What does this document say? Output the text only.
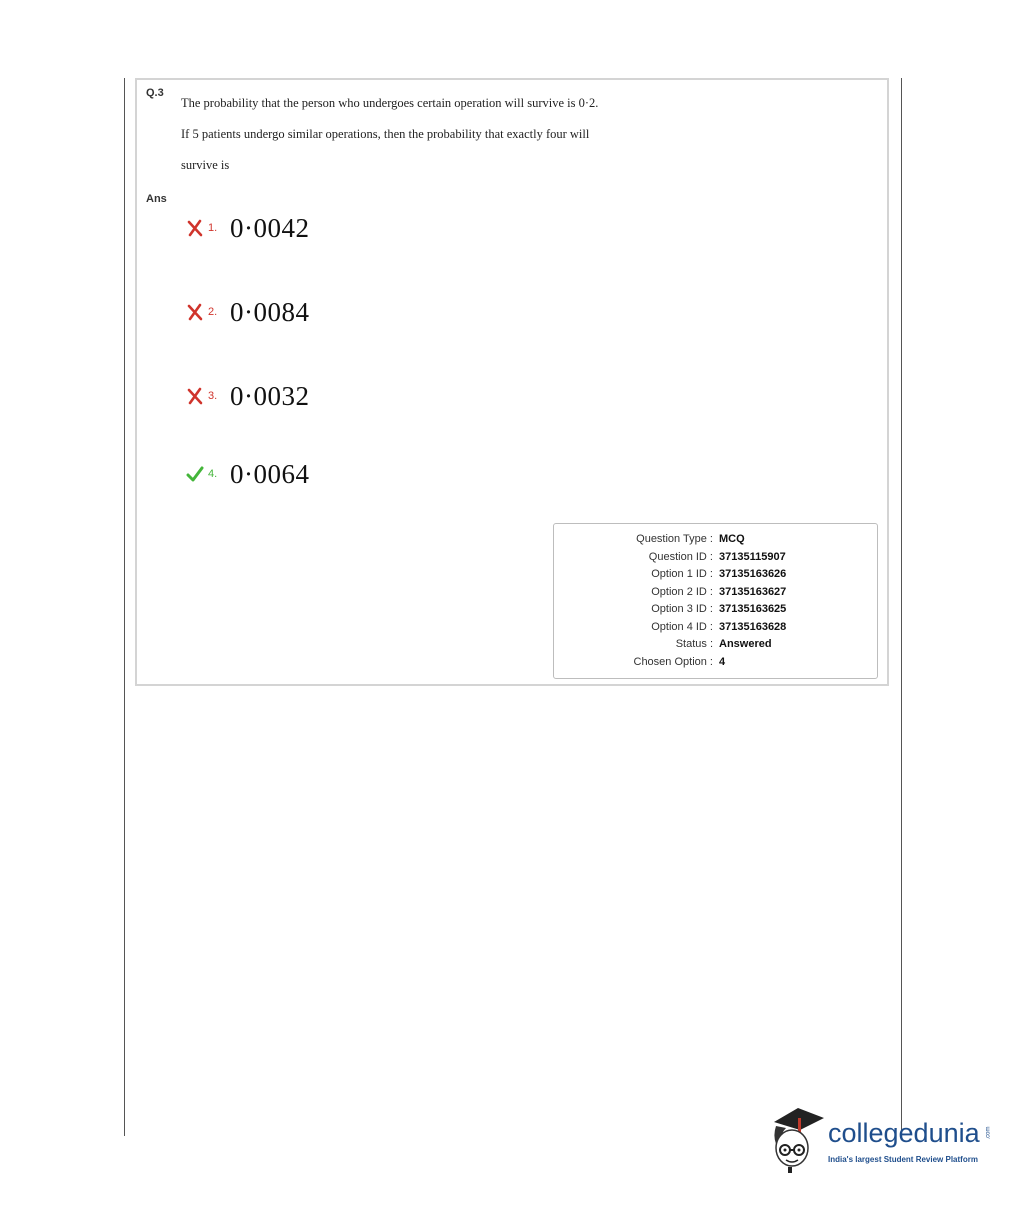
Q.3
The probability that the person who undergoes certain operation will survive is 0·2.
If 5 patients undergo similar operations, then the probability that exactly four will
survive is
Ans
1. 0·0042
2. 0·0084
3. 0·0032
4. 0·0064
Question Type : MCQ
Question ID : 37135115907
Option 1 ID : 37135163626
Option 2 ID : 37135163627
Option 3 ID : 37135163625
Option 4 ID : 37135163628
Status : Answered
Chosen Option : 4
collegedunia .com
India's largest Student Review Platform
